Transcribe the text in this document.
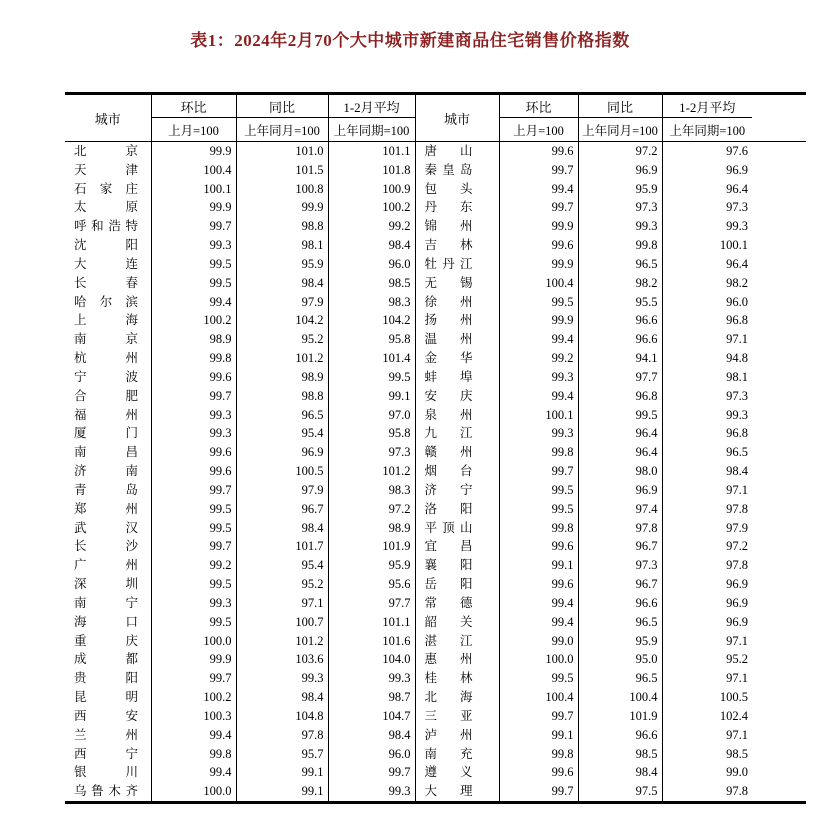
表1：2024年2月70个大中城市新建商品住宅销售价格指数
城市	环比	同比	1-2月平均	城市	环比	同比	1-2月平均	
	上月=100	上年同月=100	上年同期=100		上月=100	上年同月=100	上年同期=100	

北 京	99.9	101.0	101.1	唐 山	99.6	97.2	97.6	

天 津	100.4	101.5	101.8	秦 皇 岛	99.7	96.9	96.9	

石 家 庄	100.1	100.8	100.9	包 头	99.4	95.9	96.4	

太 原	99.9	99.9	100.2	丹 东	99.7	97.3	97.3	

呼 和 浩 特	99.7	98.8	99.2	锦 州	99.9	99.3	99.3	

沈 阳	99.3	98.1	98.4	吉 林	99.6	99.8	100.1	

大 连	99.5	95.9	96.0	牡 丹 江	99.9	96.5	96.4	

长 春	99.5	98.4	98.5	无 锡	100.4	98.2	98.2	

哈 尔 滨	99.4	97.9	98.3	徐 州	99.5	95.5	96.0	

上 海	100.2	104.2	104.2	扬 州	99.9	96.6	96.8	

南 京	98.9	95.2	95.8	温 州	99.4	96.6	97.1	

杭 州	99.8	101.2	101.4	金 华	99.2	94.1	94.8	

宁 波	99.6	98.9	99.5	蚌 埠	99.3	97.7	98.1	

合 肥	99.7	98.8	99.1	安 庆	99.4	96.8	97.3	

福 州	99.3	96.5	97.0	泉 州	100.1	99.5	99.3	

厦 门	99.3	95.4	95.8	九 江	99.3	96.4	96.8	

南 昌	99.6	96.9	97.3	赣 州	99.8	96.4	96.5	

济 南	99.6	100.5	101.2	烟 台	99.7	98.0	98.4	

青 岛	99.7	97.9	98.3	济 宁	99.5	96.9	97.1	

郑 州	99.5	96.7	97.2	洛 阳	99.5	97.4	97.8	

武 汉	99.5	98.4	98.9	平 顶 山	99.8	97.8	97.9	

长 沙	99.7	101.7	101.9	宜 昌	99.6	96.7	97.2	

广 州	99.2	95.4	95.9	襄 阳	99.1	97.3	97.8	

深 圳	99.5	95.2	95.6	岳 阳	99.6	96.7	96.9	

南 宁	99.3	97.1	97.7	常 德	99.4	96.6	96.9	

海 口	99.5	100.7	101.1	韶 关	99.4	96.5	96.9	

重 庆	100.0	101.2	101.6	湛 江	99.0	95.9	97.1	

成 都	99.9	103.6	104.0	惠 州	100.0	95.0	95.2	

贵 阳	99.7	99.3	99.3	桂 林	99.5	96.5	97.1	

昆 明	100.2	98.4	98.7	北 海	100.4	100.4	100.5	

西 安	100.3	104.8	104.7	三 亚	99.7	101.9	102.4	

兰 州	99.4	97.8	98.4	泸 州	99.1	96.6	97.1	

西 宁	99.8	95.7	96.0	南 充	99.8	98.5	98.5	

银 川	99.4	99.1	99.7	遵 义	99.6	98.4	99.0	

乌 鲁 木 齐	100.0	99.1	99.3	大 理	99.7	97.5	97.8	
